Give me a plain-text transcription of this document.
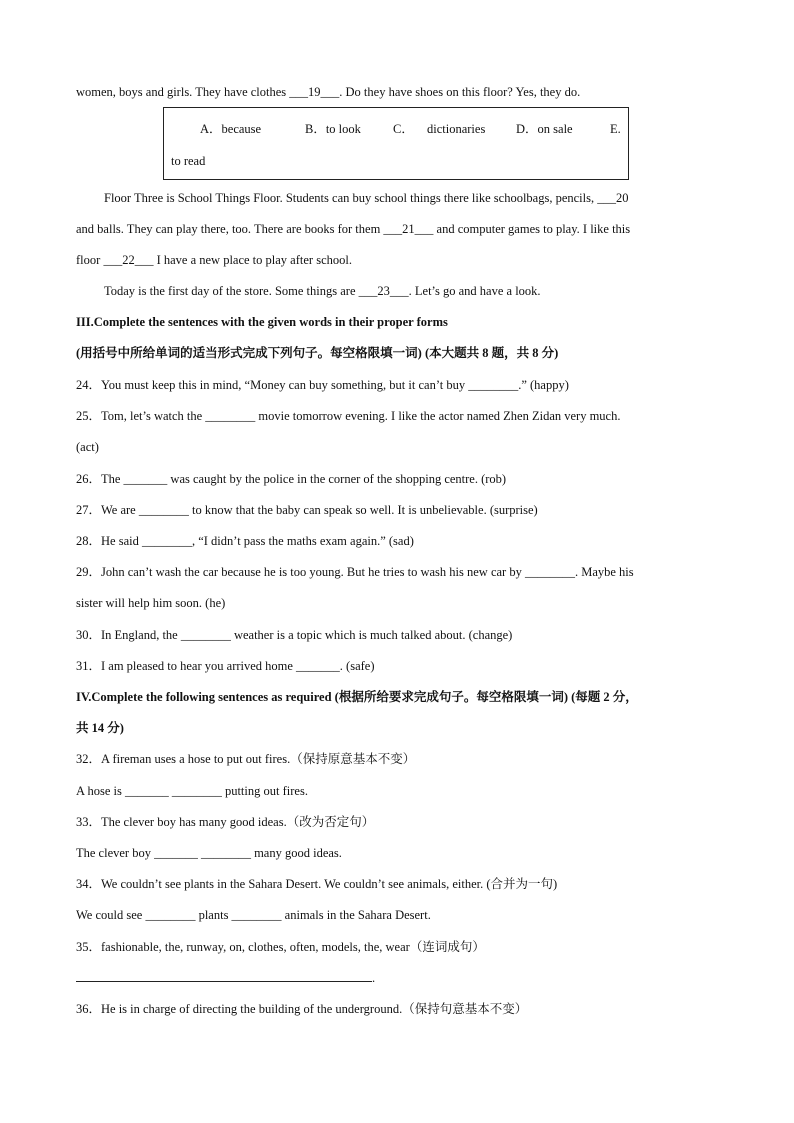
women, boys and girls. They have clothes ___19___. Do they have shoes on this floor? Yes, they do.
A．because	B．to look	C． dictionaries D．on sale	E.
to read
Floor Three is School Things Floor. Students can buy school things there like schoolbags, pencils, ___20
and balls. They can play there, too. There are books for them ___21___ and computer games to play. I like this
floor ___22___ I have a new place to play after school.
Today is the first day of the store. Some things are ___23___. Let’s go and have a look.
III.Complete the sentences with the given words in their proper forms
(用括号中所给单词的适当形式完成下列句子。每空格限填一词) (本大题共 8 题，共 8 分)
24．You must keep this in mind, “Money can buy something, but it can’t buy ________.” (happy)
25．Tom, let’s watch the ________ movie tomorrow evening. I like the actor named Zhen Zidan very much.
(act)
26．The _______ was caught by the police in the corner of the shopping centre. (rob)
27．We are ________ to know that the baby can speak so well. It is unbelievable. (surprise)
28．He said ________, “I didn’t pass the maths exam again.” (sad)
29．John can’t wash the car because he is too young. But he tries to wash his new car by ________. Maybe his
sister will help him soon. (he)
30．In England, the ________ weather is a topic which is much talked about. (change)
31．I am pleased to hear you arrived home _______. (safe)
IV.Complete the following sentences as required (根据所给要求完成句子。每空格限填一词) (每题 2 分，
共 14 分)
32．A fireman uses a hose to put out fires.（保持原意基本不变）
A hose is _______ ________ putting out fires.
33．The clever boy has many good ideas.（改为否定句）
The clever boy _______ ________ many good ideas.
34．We couldn’t see plants in the Sahara Desert. We couldn’t see animals, either. (合并为一句)
We could see ________ plants ________ animals in the Sahara Desert.
35．fashionable, the, runway, on, clothes, often, models, the, wear（连词成句）
.
36．He is in charge of directing the building of the underground.（保持句意基本不变）
